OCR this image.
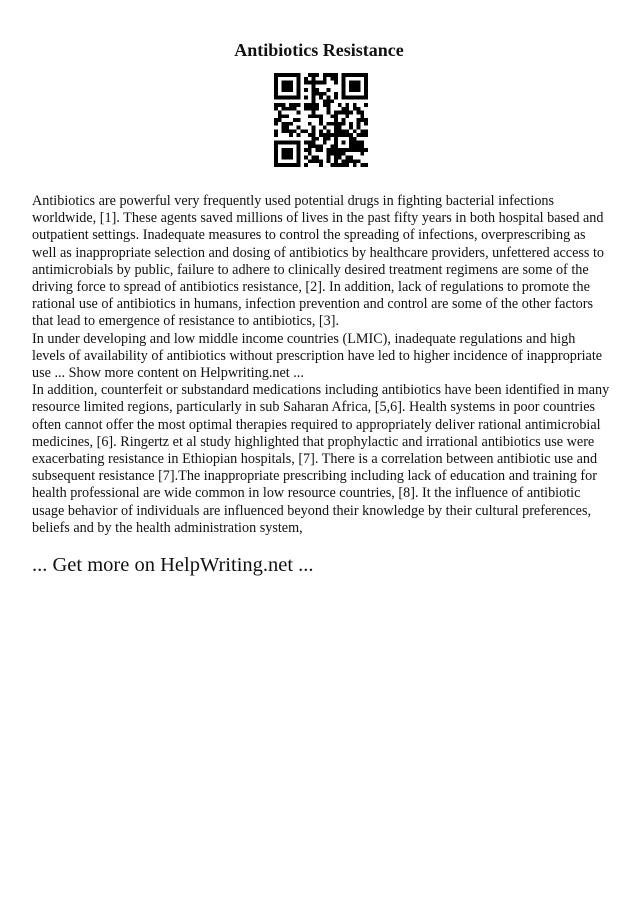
Antibiotics Resistance

Antibiotics are powerful very frequently used potential drugs in fighting bacterial infections worldwide, [1]. These agents saved millions of lives in the past fifty years in both hospital based and outpatient settings. Inadequate measures to control the spreading of infections, overprescribing as well as inappropriate selection and dosing of antibiotics by healthcare providers, unfettered access to antimicrobials by public, failure to adhere to clinically desired treatment regimens are some of the driving force to spread of antibiotics resistance, [2]. In addition, lack of regulations to promote the rational use of antibiotics in humans, infection prevention and control are some of the other factors that lead to emergence of resistance to antibiotics, [3].

In under developing and low middle income countries (LMIC), inadequate regulations and high levels of availability of antibiotics without prescription have led to higher incidence of inappropriate use ... Show more content on Helpwriting.net ...

In addition, counterfeit or substandard medications including antibiotics have been identified in many resource limited regions, particularly in sub Saharan Africa, [5,6]. Health systems in poor countries often cannot offer the most optimal therapies required to appropriately deliver rational antimicrobial medicines, [6]. Ringertz et al study highlighted that prophylactic and irrational antibiotics use were exacerbating resistance in Ethiopian hospitals, [7]. There is a correlation between antibiotic use and subsequent resistance [7].The inappropriate prescribing including lack of education and training for health professional are wide common in low resource countries, [8]. It the influence of antibiotic usage behavior of individuals are influenced beyond their knowledge by their cultural preferences, beliefs and by the health administration system,

... Get more on HelpWriting.net ...
